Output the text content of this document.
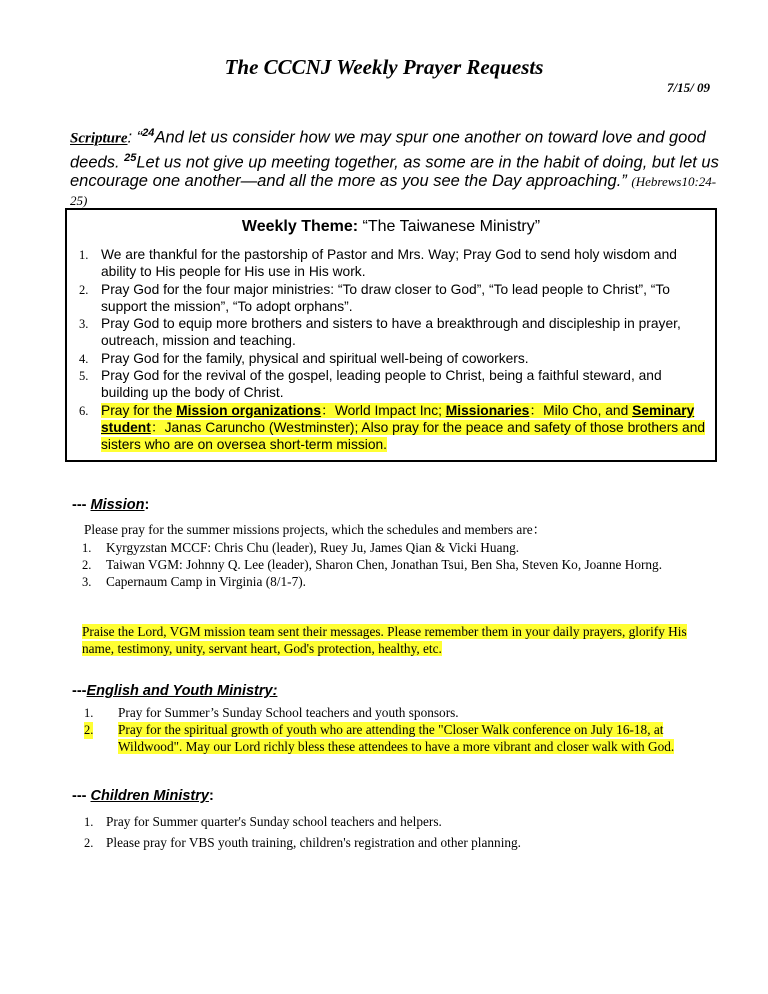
The CCCNJ Weekly Prayer Requests
7/15/ 09
Scripture: “$^{24}$And let us consider how we may spur one another on toward love and good deeds. $^{25}$Let us not give up meeting together, as some are in the habit of doing, but let us encourage one another—and all the more as you see the Day approaching.” (Hebrews10:24-25)
Weekly Theme: “The Taiwanese Ministry”
1. We are thankful for the pastorship of Pastor and Mrs. Way; Pray God to send holy wisdom and ability to His people for His use in His work.
2. Pray God for the four major ministries: “To draw closer to God”, “To lead people to Christ”, “To support the mission”, “To adopt orphans”.
3. Pray God to equip more brothers and sisters to have a breakthrough and discipleship in prayer, outreach, mission and teaching.
4. Pray God for the family, physical and spiritual well-being of coworkers.
5. Pray God for the revival of the gospel, leading people to Christ, being a faithful steward, and building up the body of Christ.
6. Pray for the Mission organizations：World Impact Inc; Missionaries：Milo Cho, and Seminary student：Janas Caruncho (Westminster); Also pray for the peace and safety of those brothers and sisters who are on oversea short-term mission.
--- Mission:
Please pray for the summer missions projects, which the schedules and members are：
1. Kyrgyzstan MCCF: Chris Chu (leader), Ruey Ju, James Qian & Vicki Huang.
2. Taiwan VGM: Johnny Q. Lee (leader), Sharon Chen, Jonathan Tsui, Ben Sha, Steven Ko, Joanne Horng.
3. Capernaum Camp in Virginia (8/1-7).
Praise the Lord, VGM mission team sent their messages. Please remember them in your daily prayers, glorify His name, testimony, unity, servant heart, God's protection, healthy, etc.
---English and Youth Ministry:
1. Pray for Summer’s Sunday School teachers and youth sponsors.
2. Pray for the spiritual growth of youth who are attending the "Closer Walk conference on July 16-18, at Wildwood". May our Lord richly bless these attendees to have a more vibrant and closer walk with God.
--- Children Ministry:
1. Pray for Summer quarter's Sunday school teachers and helpers.
2. Please pray for VBS youth training, children's registration and other planning.
